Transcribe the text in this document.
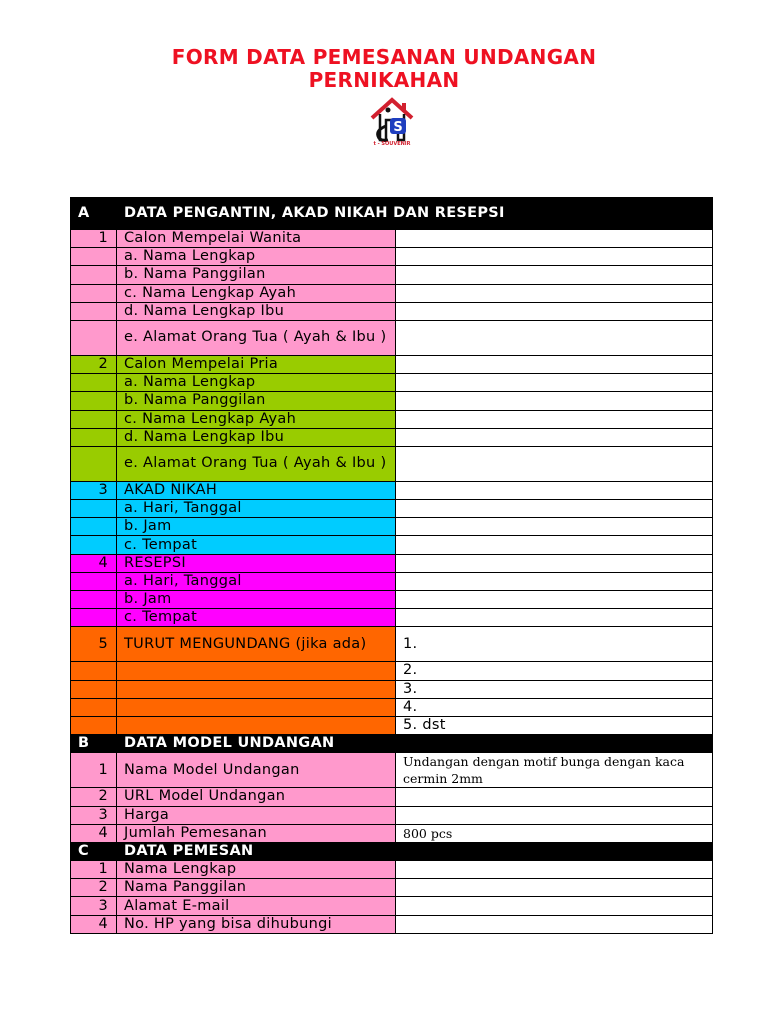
FORM DATA PEMESANAN UNDANGAN
PERNIKAHAN
S
t - SOUVENIR
A	DATA PENGANTIN, AKAD NIKAH DAN RESEPSI	
1	Calon Mempelai Wanita	
	a. Nama Lengkap	
	b. Nama Panggilan	
	c. Nama Lengkap Ayah	
	d. Nama Lengkap Ibu	
	e. Alamat Orang Tua ( Ayah & Ibu )	
2	Calon Mempelai Pria	
	a. Nama Lengkap	
	b. Nama Panggilan	
	c. Nama Lengkap Ayah	
	d. Nama Lengkap Ibu	
	e. Alamat Orang Tua ( Ayah & Ibu )	
3	AKAD NIKAH	
	a. Hari, Tanggal	
	b. Jam	
	c. Tempat	
4	RESEPSI	
	a. Hari, Tanggal	
	b. Jam	
	c. Tempat	
5	TURUT MENGUNDANG (jika ada)	1.
		2.
		3.
		4.
		5. dst
B	DATA MODEL UNDANGAN	
1	Nama Model Undangan	Undangan dengan motif bunga dengan kaca cermin 2mm
2	URL Model Undangan	
3	Harga	
4	Jumlah Pemesanan	800 pcs
C	DATA PEMESAN	
1	Nama Lengkap	
2	Nama Panggilan	
3	Alamat E-mail	
4	No. HP yang bisa dihubungi	
